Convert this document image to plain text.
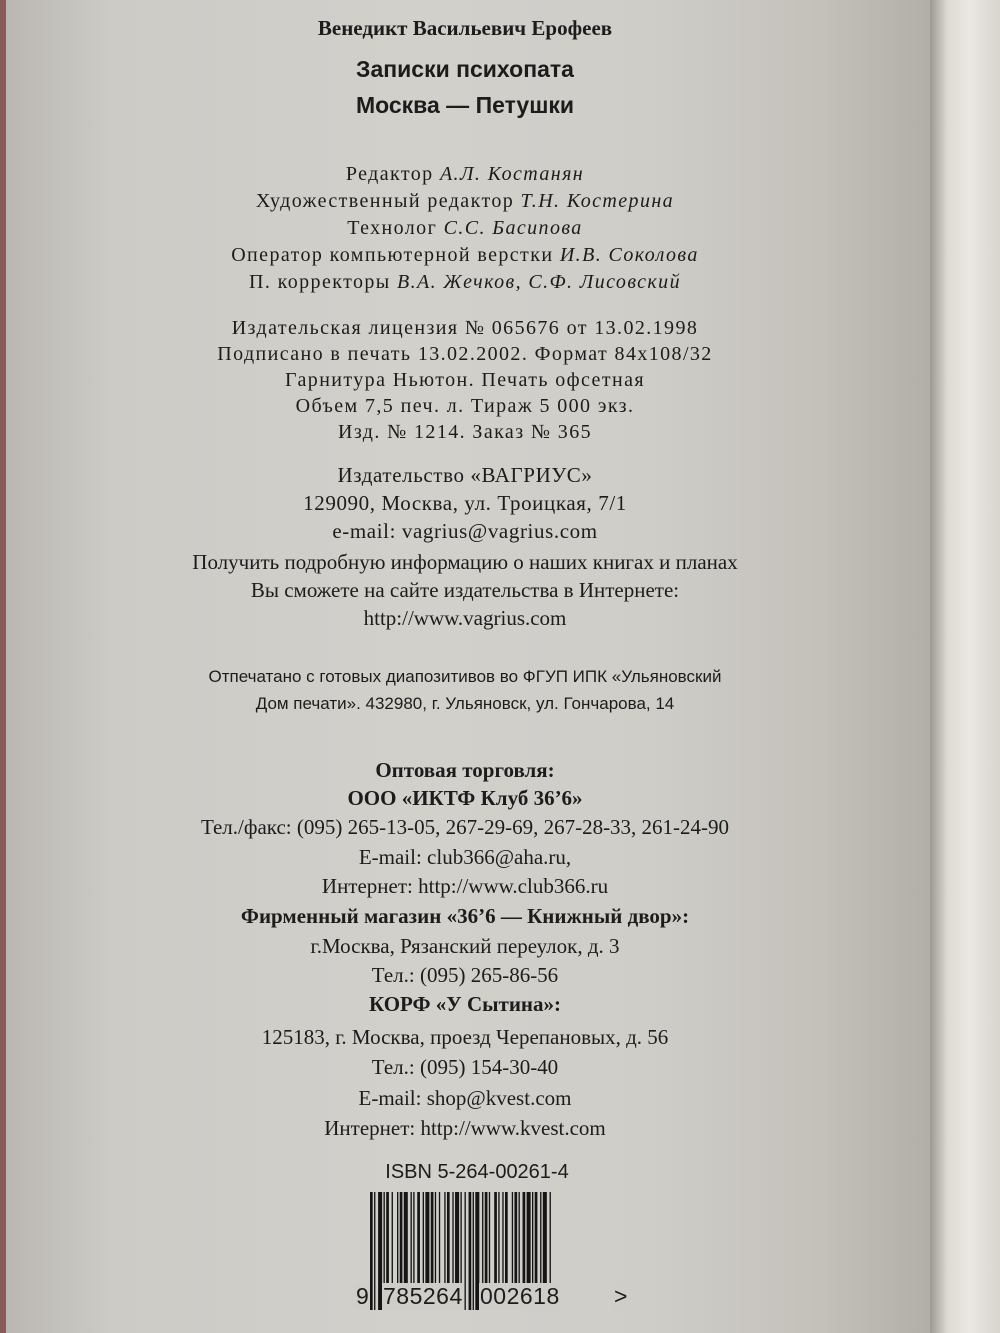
Венедикт Васильевич Ерофеев
Записки психопата
Москва — Петушки
Редактор А.Л. Костанян
Художественный редактор Т.Н. Костерина
Технолог С.С. Басипова
Оператор компьютерной верстки И.В. Соколова
П. корректоры В.А. Жечков, С.Ф. Лисовский
Издательская лицензия № 065676 от 13.02.1998
Подписано в печать 13.02.2002. Формат 84х108/32
Гарнитура Ньютон. Печать офсетная
Объем 7,5 печ. л. Тираж 5 000 экз.
Изд. № 1214. Заказ № 365
Издательство «ВАГРИУС»
129090, Москва, ул. Троицкая, 7/1
e-mail: vagrius@vagrius.com
Получить подробную информацию о наших книгах и планах
Вы сможете на сайте издательства в Интернете:
http://www.vagrius.com
Отпечатано с готовых диапозитивов во ФГУП ИПК «Ульяновский
Дом печати». 432980, г. Ульяновск, ул. Гончарова, 14
Оптовая торговля:
ООО «ИКТФ Клуб 36’6»
Тел./факс: (095) 265-13-05, 267-29-69, 267-28-33, 261-24-90
E-mail: club366@aha.ru,
Интернет: http://www.club366.ru
Фирменный магазин «36’6 — Книжный двор»:
г.Москва, Рязанский переулок, д. 3
Тел.: (095) 265-86-56
КОРФ «У Сытина»:
125183, г. Москва, проезд Черепановых, д. 56
Тел.: (095) 154-30-40
E-mail: shop@kvest.com
Интернет: http://www.kvest.com
ISBN 5-264-00261-4
9 785264 002618 >
